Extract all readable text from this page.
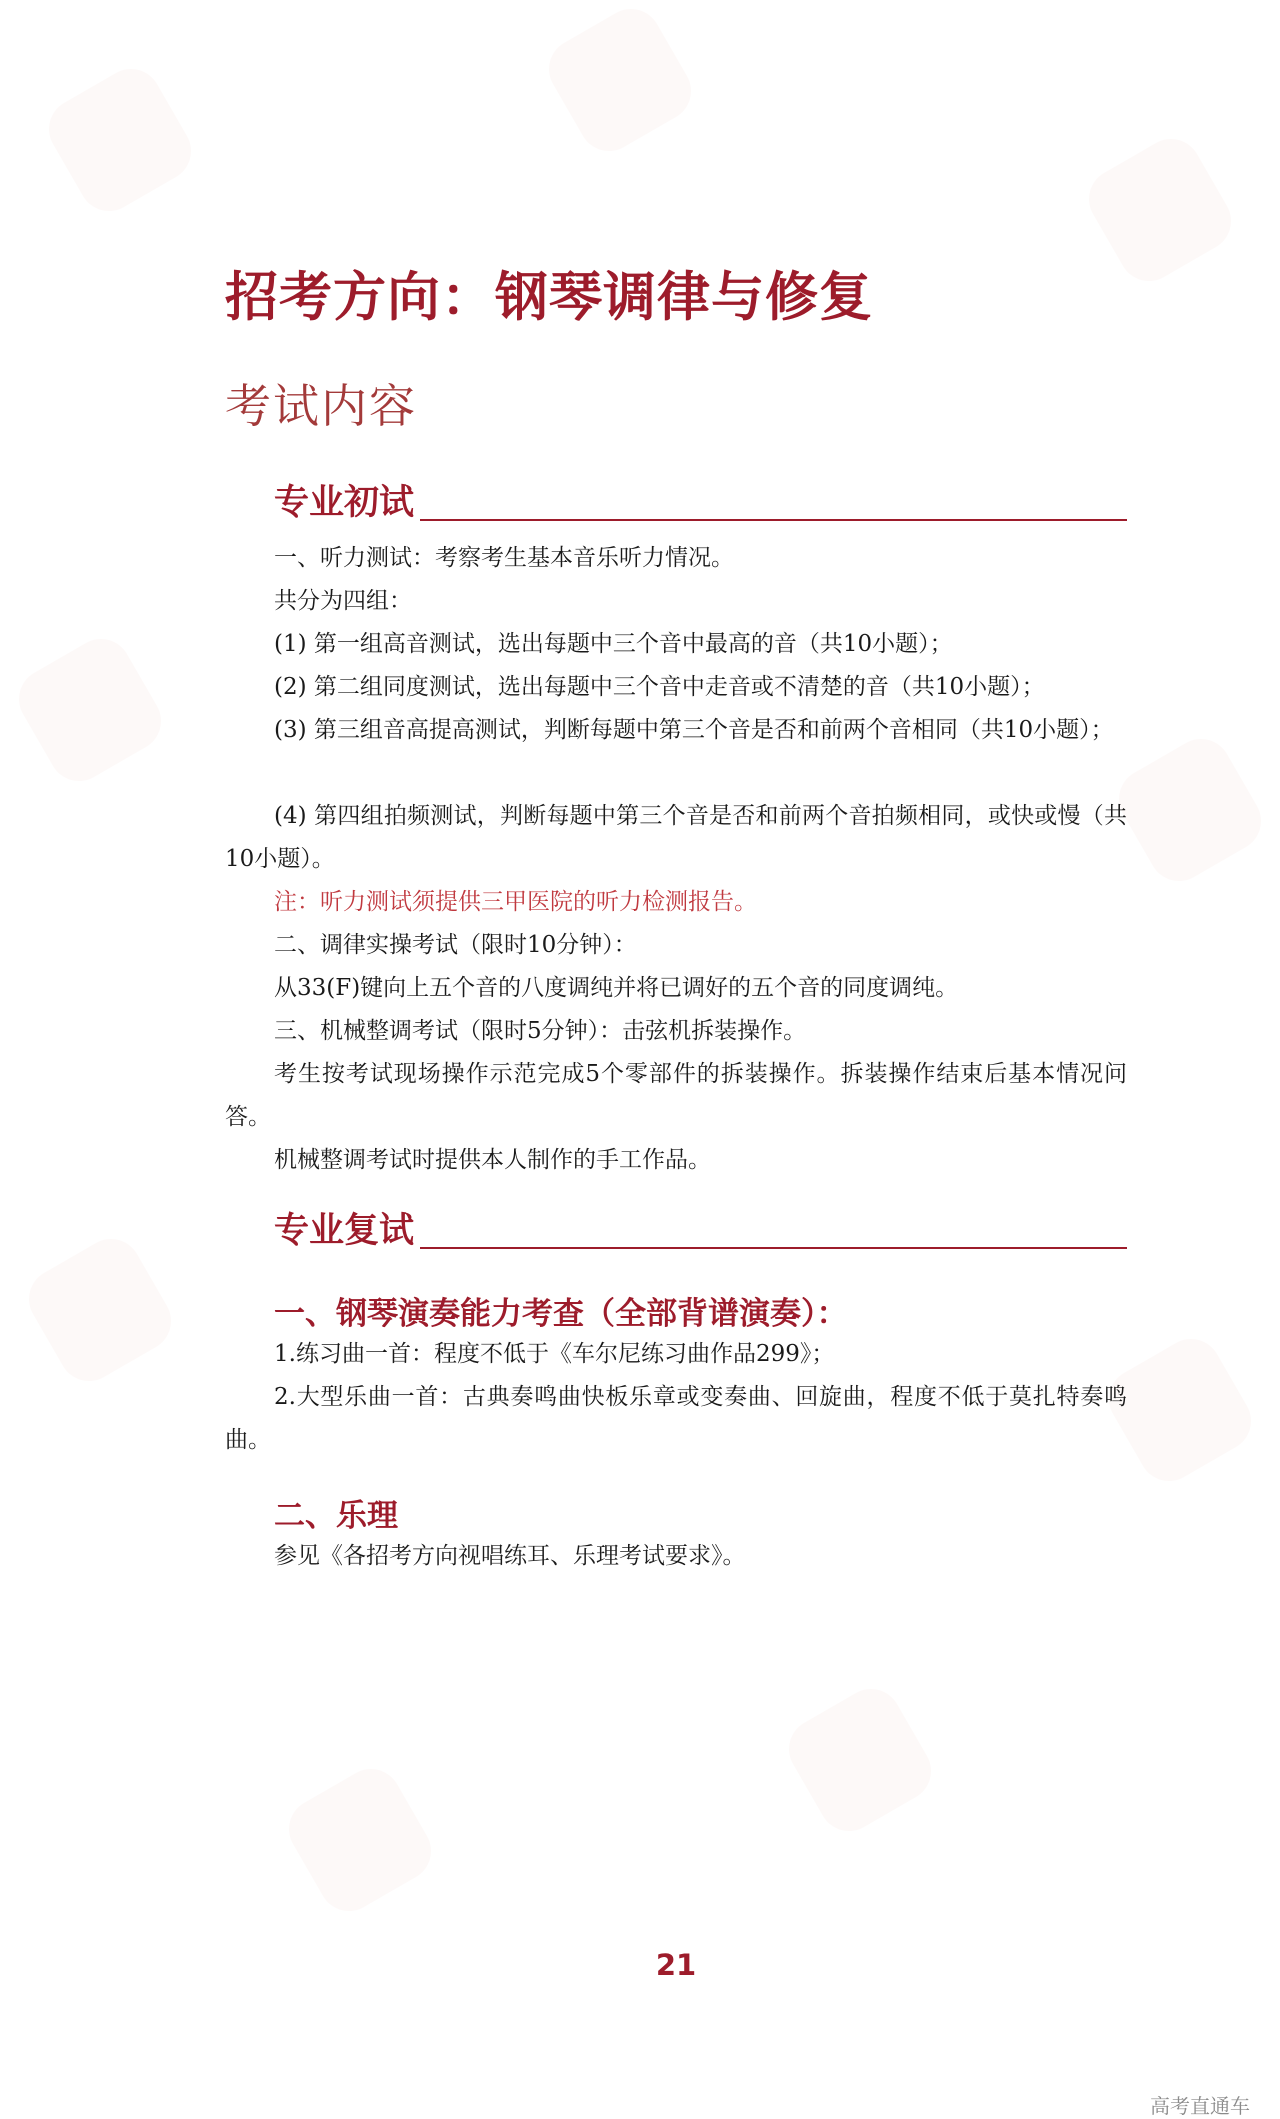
招考方向：钢琴调律与修复
考试内容
专业初试

一、听力测试：考察考生基本音乐听力情况。

共分为四组：

(1) 第一组高音测试，选出每题中三个音中最高的音（共10小题）；

(2) 第二组同度测试，选出每题中三个音中走音或不清楚的音（共10小题）；

(3) 第三组音高提高测试，判断每题中第三个音是否和前两个音相同（共10小题）；

(4) 第四组拍频测试，判断每题中第三个音是否和前两个音拍频相同，或快或慢（共10小题）。

注：听力测试须提供三甲医院的听力检测报告。

二、调律实操考试（限时10分钟）：

从33(F)键向上五个音的八度调纯并将已调好的五个音的同度调纯。

三、机械整调考试（限时5分钟）：击弦机拆装操作。

考生按考试现场操作示范完成5个零部件的拆装操作。拆装操作结束后基本情况问答。

机械整调考试时提供本人制作的手工作品。

专业复试
一、钢琴演奏能力考查（全部背谱演奏）：

1.练习曲一首：程度不低于《车尔尼练习曲作品299》；

2.大型乐曲一首：古典奏鸣曲快板乐章或变奏曲、回旋曲，程度不低于莫扎特奏鸣曲。

二、乐理

参见《各招考方向视唱练耳、乐理考试要求》。

21
高考直通车
